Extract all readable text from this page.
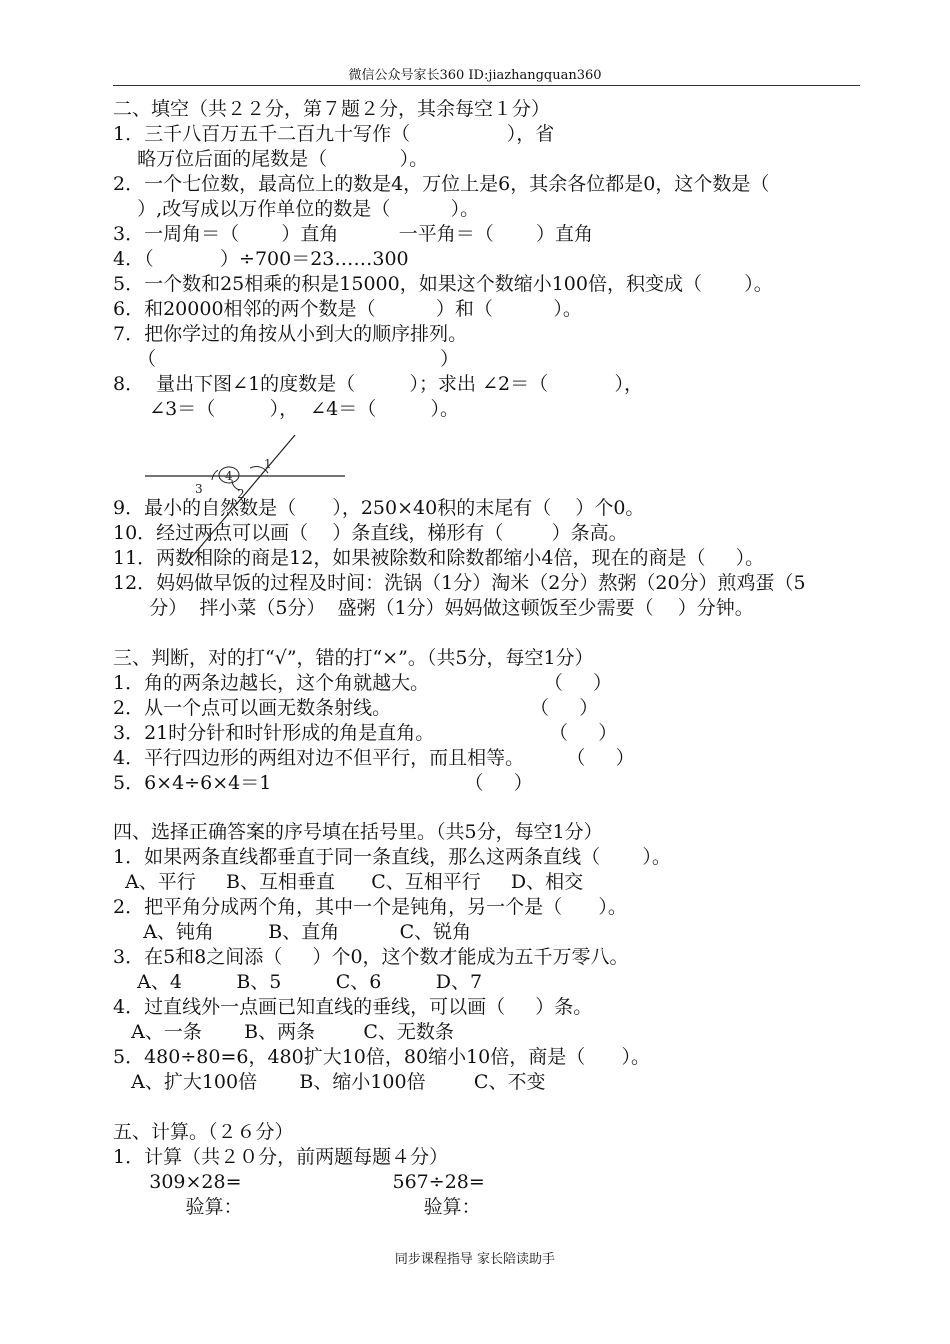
微信公众号家长360 ID:jiazhangquan360
二、填空（共２２分，第７题２分，其余每空１分）
1．三千八百万五千二百九十写作（                ），省
略万位后面的尾数是（            ）。
2．一个七位数，最高位上的数是4，万位上是6，其余各位都是0，这个数是（
）,改写成以万作单位的数是（          ）。
3．一周角＝（       ）直角          一平角＝（       ）直角
4．（           ）÷700＝23……300
5．一个数和25相乘的积是15000，如果这个数缩小100倍，积变成（       ）。
6．和20000相邻的两个数是（          ）和（          ）。
7．把你学过的角按从小到大的顺序排列。
（                                               ）
8．  量出下图∠1的度数是（         ）；求出 ∠2＝（           ），
∠3＝（         ），  ∠4＝（         ）。
1
2
3
4
9．最小的自然数是（      ），250×40积的末尾有（    ）个0。
10．经过两点可以画（    ）条直线，梯形有（        ）条高。
11．两数相除的商是12，如果被除数和除数都缩小4倍，现在的商是（     ）。
12．妈妈做早饭的过程及时间：洗锅（1分）淘米（2分）熬粥（20分）煎鸡蛋（5
分）  拌小菜（5分）  盛粥（1分）妈妈做这顿饭至少需要（    ）分钟。
三、判断，对的打“√”，错的打“×”。（共5分，每空1分）
1．角的两条边越长，这个角就越大。                   （     ）
2．从一个点可以画无数条射线。                       （     ）
3．21时分针和时针形成的角是直角。                   （     ）
4．平行四边形的两组对边不但平行，而且相等。       （     ）
5．6×4÷6×4＝1                                （     ）
四、选择正确答案的序号填在括号里。（共5分，每空1分）
1．如果两条直线都垂直于同一条直线，那么这两条直线（       ）。
A、平行     B、互相垂直      C、互相平行     D、相交
2．把平角分成两个角，其中一个是钝角，另一个是（      ）。
A、钝角         B、直角          C、锐角
3．在5和8之间添（     ）个0，这个数才能成为五千万零八。
A、4         B、5         C、6         D、7
4．过直线外一点画已知直线的垂线，可以画（     ）条。
A、一条       B、两条        C、无数条
5．480÷80=6，480扩大10倍，80缩小10倍，商是（      ）。
A、扩大100倍       B、缩小100倍        C、不变
五、计算。（２６分）
1．计算（共２０分，前两题每题４分）
309×28=                         567÷28=
验算：                              验算：
同步课程指导 家长陪读助手
